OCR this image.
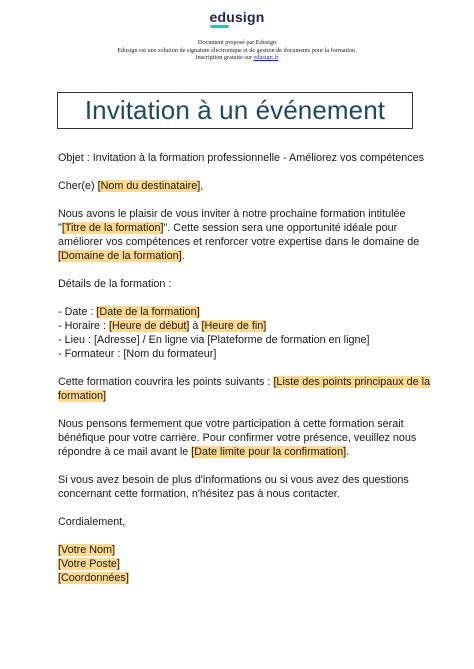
edusign
Document proposé par Edusign
Edusign est une solution de signature électronique et de gestion de documents pour la formation.
Inscription gratuite sur edusign.fr
Invitation à un événement
Objet : Invitation à la formation professionnelle - Améliorez vos compétences
Cher(e) [Nom du destinataire],
Nous avons le plaisir de vous inviter à notre prochaine formation intitulée
"[Titre de la formation]". Cette session sera une opportunité idéale pour
améliorer vos compétences et renforcer votre expertise dans le domaine de
[Domaine de la formation].
Détails de la formation :
- Date : [Date de la formation]
- Horaire : [Heure de début] à [Heure de fin]
- Lieu : [Adresse] / En ligne via [Plateforme de formation en ligne]
- Formateur : [Nom du formateur]
Cette formation couvrira les points suivants : [Liste des points principaux de la
formation]
Nous pensons fermement que votre participation à cette formation serait
bénéfique pour votre carrière. Pour confirmer votre présence, veuillez nous
répondre à ce mail avant le [Date limite pour la confirmation].
Si vous avez besoin de plus d'informations ou si vous avez des questions
concernant cette formation, n'hésitez pas à nous contacter.
Cordialement,
[Votre Nom]
[Votre Poste]
[Coordonnées]
